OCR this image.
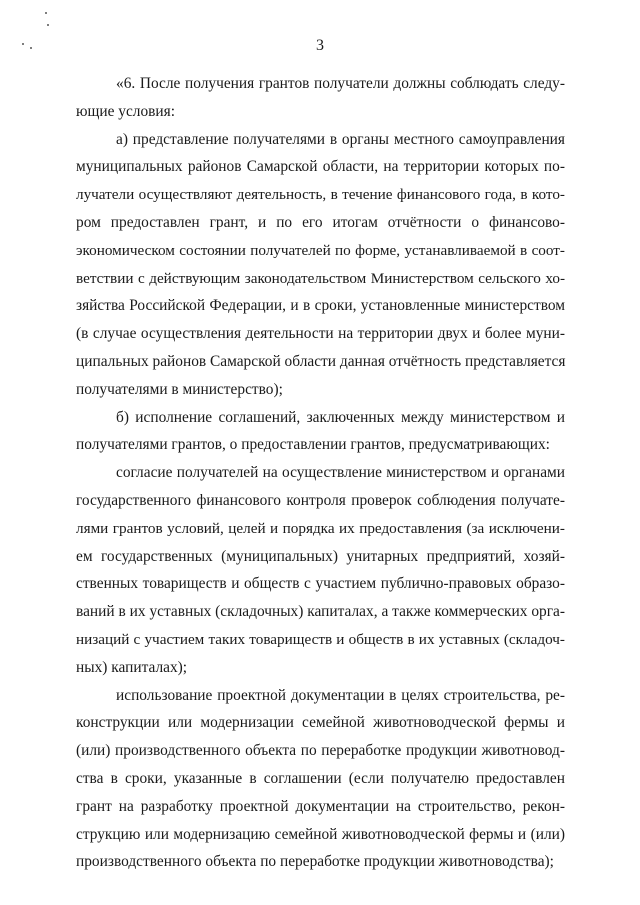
3
«6. После получения грантов получатели должны соблюдать следу-
ющие условия:
а) представление получателями в органы местного самоуправления
муниципальных районов Самарской области, на территории которых по-
лучатели осуществляют деятельность, в течение финансового года, в кото-
ром предоставлен грант, и по его итогам отчётности о финансово-
экономическом состоянии получателей по форме, устанавливаемой в соот-
ветствии с действующим законодательством Министерством сельского хо-
зяйства Российской Федерации, и в сроки, установленные министерством
(в случае осуществления деятельности на территории двух и более муни-
ципальных районов Самарской области данная отчётность представляется
получателями в министерство);
б) исполнение соглашений, заключенных между министерством и
получателями грантов, о предоставлении грантов, предусматривающих:
согласие получателей на осуществление министерством и органами
государственного финансового контроля проверок соблюдения получате-
лями грантов условий, целей и порядка их предоставления (за исключени-
ем государственных (муниципальных) унитарных предприятий, хозяй-
ственных товариществ и обществ с участием публично-правовых образо-
ваний в их уставных (складочных) капиталах, а также коммерческих орга-
низаций с участием таких товариществ и обществ в их уставных (складоч-
ных) капиталах);
использование проектной документации в целях строительства, ре-
конструкции или модернизации семейной животноводческой фермы и
(или) производственного объекта по переработке продукции животновод-
ства в сроки, указанные в соглашении (если получателю предоставлен
грант на разработку проектной документации на строительство, рекон-
струкцию или модернизацию семейной животноводческой фермы и (или)
производственного объекта по переработке продукции животноводства);
